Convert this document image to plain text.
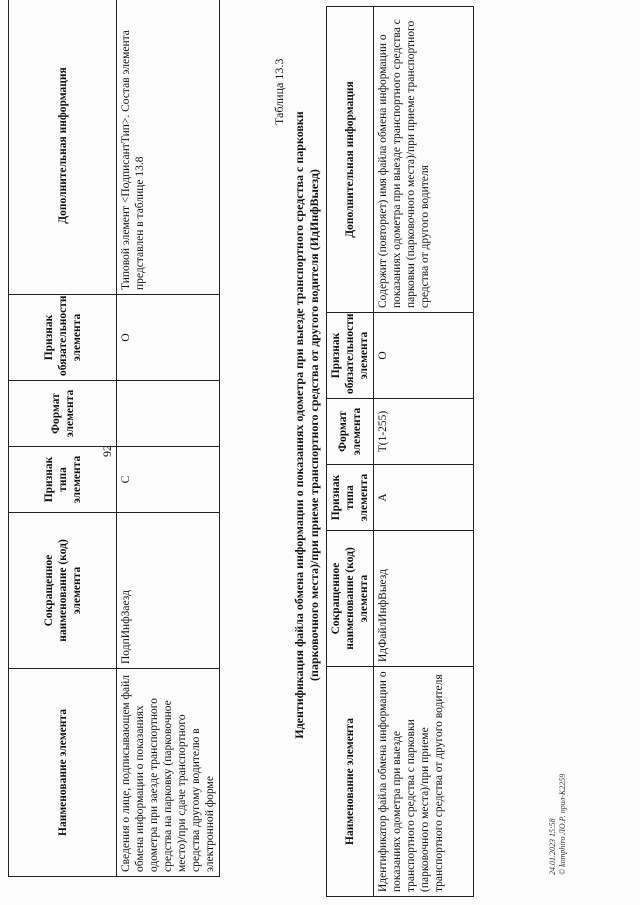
92
Наименование элемента	Сокращенное наименование (код) элемента	Признак типа элемента	Формат элемента	Признак обязательности элемента	Дополнительная информация
Сведения о лице, подписывающем файл обмена информации о показаниях одометра при заезде транспортного средства на парковку (парковочное место)/при сдаче транспортного средства другому водителю в электронной форме	ПодпИнфЗаезд	С		О	Типовой элемент <ПодписантТип>. Состав элемента представлен в таблице 13.8
Таблица 13.3
Идентификация файла обмена информации о показаниях одометра при выезде транспортного средства с парковки (парковочного места)/при приеме транспортного средства от другого водителя (ИдИнфВыезд)
Наименование элемента	Сокращенное наименование (код) элемента	Признак типа элемента	Формат элемента	Признак обязательности элемента	Дополнительная информация
Идентификатор файла обмена информации о показаниях одометра при выезде транспортного средства с парковки (парковочного места)/при приеме транспортного средства от другого водителя	ИдФайлИнфВыезд	А	T(1-255)	О	Содержит (повторяет) имя файла обмена информации о показаниях одометра при выезде транспортного средства с парковки (парковочного места)/при приеме транспортного средства от другого водителя
24.01.2023 15:58 © komphiro ЛО.Р. прил-К2259
